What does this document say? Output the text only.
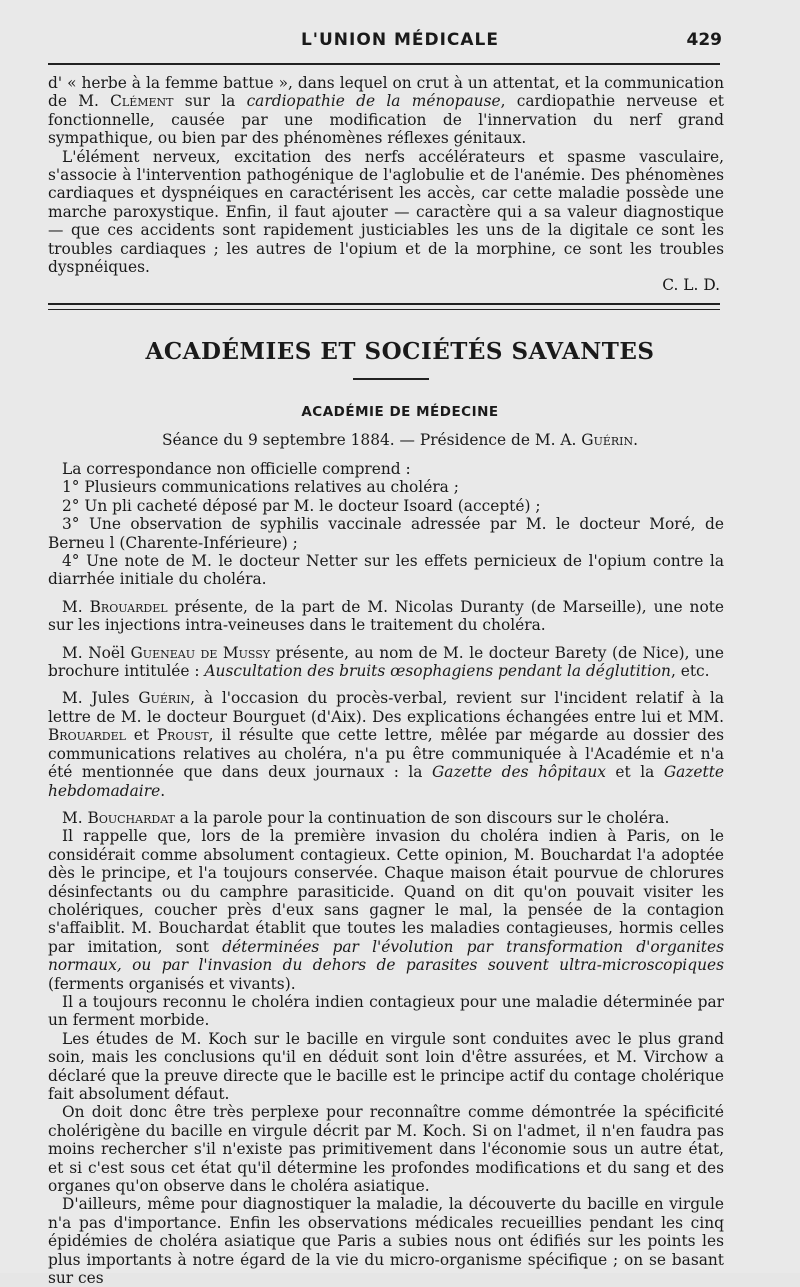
L'UNION MÉDICALE	429

d' « herbe à la femme battue », dans lequel on crut à un attentat, et la communication de M. Clément sur la cardiopathie de la ménopause, cardiopathie nerveuse et fonctionnelle, causée par une modification de l'innervation du nerf grand sympathique, ou bien par des phénomènes réflexes génitaux.

L'élément nerveux, excitation des nerfs accélérateurs et spasme vasculaire, s'associe à l'intervention pathogénique de l'aglobulie et de l'anémie. Des phénomènes cardiaques et dyspnéiques en caractérisent les accès, car cette maladie possède une marche paroxystique. Enfin, il faut ajouter — caractère qui a sa valeur diagnostique — que ces accidents sont rapidement justiciables les uns de la digitale ce sont les troubles cardiaques ; les autres de l'opium et de la morphine, ce sont les troubles dyspnéiques.

C. L. D.
ACADÉMIES ET SOCIÉTÉS SAVANTES
ACADÉMIE DE MÉDECINE
Séance du 9 septembre 1884. — Présidence de M. A. Guérin.

La correspondance non officielle comprend :

1° Plusieurs communications relatives au choléra ;

2° Un pli cacheté déposé par M. le docteur Isoard (accepté) ;

3° Une observation de syphilis vaccinale adressée par M. le docteur Moré, de Berneu l (Charente-Inférieure) ;

4° Une note de M. le docteur Netter sur les effets pernicieux de l'opium contre la diarrhée initiale du choléra.

M. Brouardel présente, de la part de M. Nicolas Duranty (de Marseille), une note sur les injections intra-veineuses dans le traitement du choléra.

M. Noël Gueneau de Mussy présente, au nom de M. le docteur Barety (de Nice), une brochure intitulée : Auscultation des bruits œsophagiens pendant la déglutition, etc.

M. Jules Guérin, à l'occasion du procès-verbal, revient sur l'incident relatif à la lettre de M. le docteur Bourguet (d'Aix). Des explications échangées entre lui et MM. Brouardel et Proust, il résulte que cette lettre, mêlée par mégarde au dossier des communications relatives au choléra, n'a pu être communiquée à l'Académie et n'a été mentionnée que dans deux journaux : la Gazette des hôpitaux et la Gazette hebdomadaire.

M. Bouchardat a la parole pour la continuation de son discours sur le choléra.

Il rappelle que, lors de la première invasion du choléra indien à Paris, on le considérait comme absolument contagieux. Cette opinion, M. Bouchardat l'a adoptée dès le principe, et l'a toujours conservée. Chaque maison était pourvue de chlorures désinfectants ou du camphre parasiticide. Quand on dit qu'on pouvait visiter les cholériques, coucher près d'eux sans gagner le mal, la pensée de la contagion s'affaiblit. M. Bouchardat établit que toutes les maladies contagieuses, hormis celles par imitation, sont déterminées par l'évolution par transformation d'organites normaux, ou par l'invasion du dehors de parasites souvent ultra-microscopiques (ferments organisés et vivants).

Il a toujours reconnu le choléra indien contagieux pour une maladie déterminée par un ferment morbide.

Les études de M. Koch sur le bacille en virgule sont conduites avec le plus grand soin, mais les conclusions qu'il en déduit sont loin d'être assurées, et M. Virchow a déclaré que la preuve directe que le bacille est le principe actif du contage cholérique fait absolument défaut.

On doit donc être très perplexe pour reconnaître comme démontrée la spécificité cholérigène du bacille en virgule décrit par M. Koch. Si on l'admet, il n'en faudra pas moins rechercher s'il n'existe pas primitivement dans l'économie sous un autre état, et si c'est sous cet état qu'il détermine les profondes modifications et du sang et des organes qu'on observe dans le choléra asiatique.

D'ailleurs, même pour diagnostiquer la maladie, la découverte du bacille en virgule n'a pas d'importance. Enfin les observations médicales recueillies pendant les cinq épidémies de choléra asiatique que Paris a subies nous ont édifiés sur les points les plus importants à notre égard de la vie du micro-organisme spécifique ; on se basant sur ces
